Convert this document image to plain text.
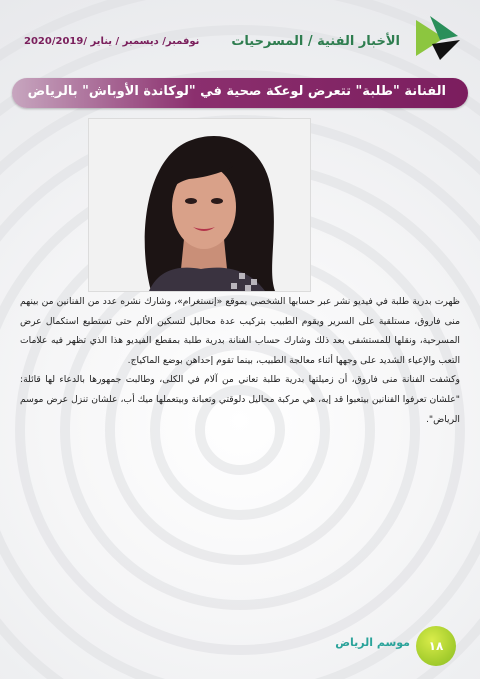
الأخبار الفنية / المسرحيات
نوفمبر/ ديسمبر / يناير /2020/2019
الفنانة "طلبة" تتعرض لوعكة صحية في "لوكاندة الأوباش" بالرياض

ظهرت بدرية طلبة في فيديو نشر عبر حسابها الشخصي بموقع «إنستغرام»، وشارك نشره عدد من الفنانين من بينهم منى فاروق، مستلقية على السرير ويقوم الطبيب بتركيب عدة محاليل لتسكين الألم حتى تستطيع استكمال عرض المسرحية، ونقلها للمستشفى بعد ذلك وشارك حساب الفنانة بدرية طلبة بمقطع الفيديو هذا الذي تظهر فيه علامات التعب والإعياء الشديد على وجهها أثناء معالجة الطبيب، بينما تقوم إحداهن بوضع الماكياج.

وكشفت الفنانة منى فاروق، أن زميلتها بدرية طلبة تعاني من آلام في الكلى، وطالبت جمهورها بالدعاء لها قائلة: "علشان تعرفوا الفنانين بيتعبوا قد إيه، هي مركبة محاليل دلوقتي وتعبانة وبيتعملها ميك أب، علشان تنزل عرض موسم الرياض".

١٨
موسم الرياض
